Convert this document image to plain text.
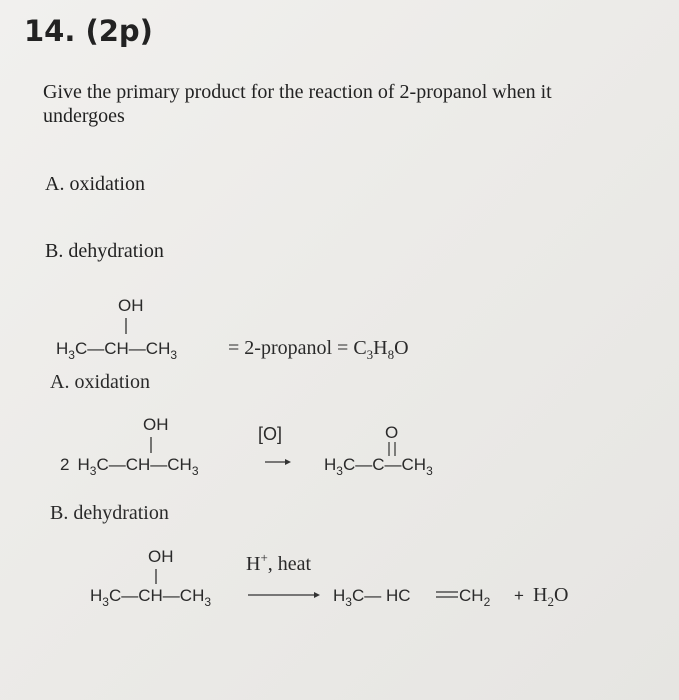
14. (2p)
Give the primary product for the reaction of 2-propanol when it undergoes
A. oxidation
B. dehydration
OH
$H_3C—CH—CH_3$	= 2-propanol = $C_3H_8O$
A. oxidation
OH
2 $H_3C—CH—CH_3$
[O]	O
$H_3C—C—CH_3$
B. dehydration
OH
$H_3C—CH—CH_3$
H+, heat
$H_3C—$ HC	$CH_2 + H_2O$
